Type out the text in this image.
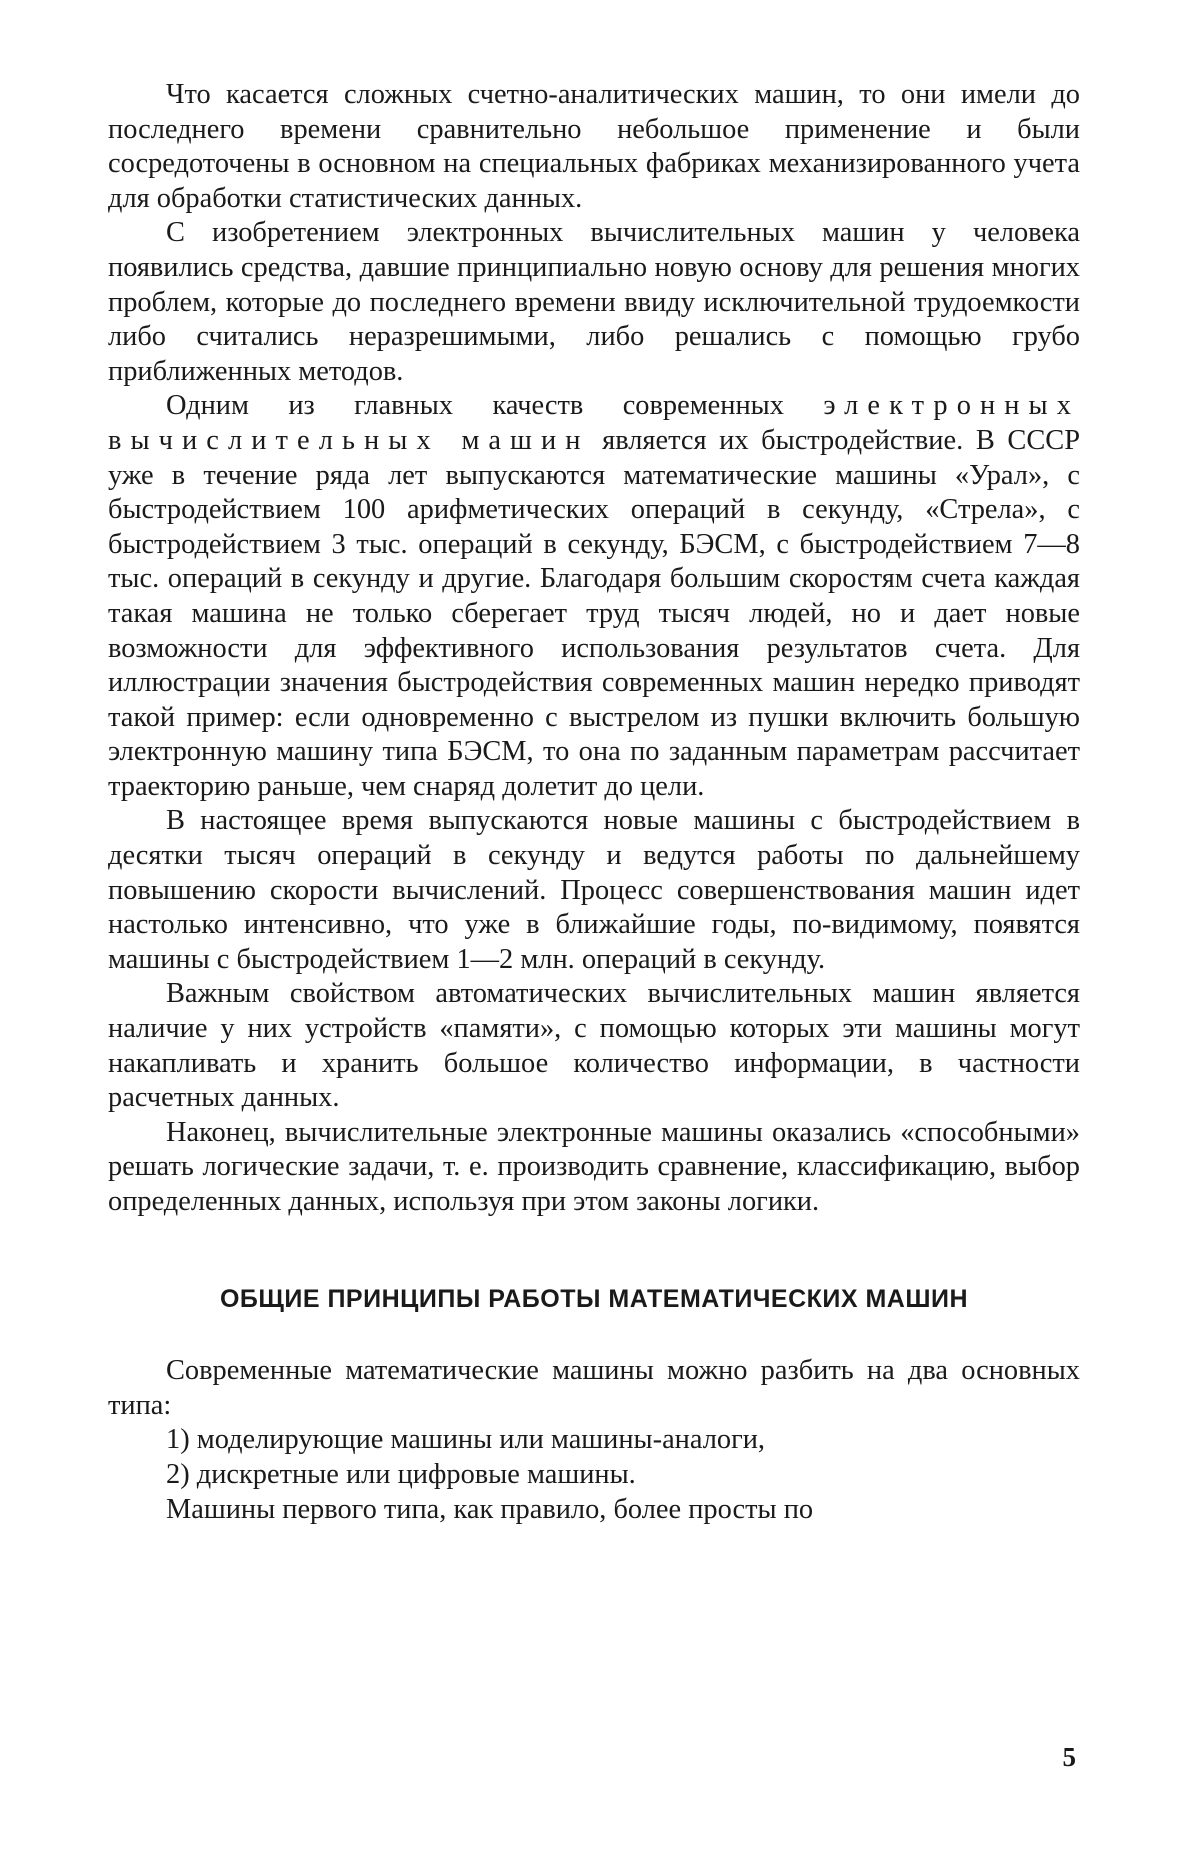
Что касается сложных счетно-аналитических машин, то они имели до последнего времени сравнительно небольшое применение и были сосредоточены в основном на специальных фабриках механизированного учета для обработки статистических данных.

С изобретением электронных вычислительных машин у человека появились средства, давшие принципиально новую основу для решения многих проблем, которые до последнего времени ввиду исключительной трудоемкости либо считались неразрешимыми, либо решались с помощью грубо приближенных методов.

Одним из главных качеств современных электронных вычислительных машин является их быстродействие. В СССР уже в течение ряда лет выпускаются математические машины «Урал», с быстродействием 100 арифметических операций в секунду, «Стрела», с быстродействием 3 тыс. операций в секунду, БЭСМ, с быстродействием 7—8 тыс. операций в секунду и другие. Благодаря большим скоростям счета каждая такая машина не только сберегает труд тысяч людей, но и дает новые возможности для эффективного использования результатов счета. Для иллюстрации значения быстродействия современных машин нередко приводят такой пример: если одновременно с выстрелом из пушки включить большую электронную машину типа БЭСМ, то она по заданным параметрам рассчитает траекторию раньше, чем снаряд долетит до цели.

В настоящее время выпускаются новые машины с быстродействием в десятки тысяч операций в секунду и ведутся работы по дальнейшему повышению скорости вычислений. Процесс совершенствования машин идет настолько интенсивно, что уже в ближайшие годы, по-видимому, появятся машины с быстродействием 1—2 млн. операций в секунду.

Важным свойством автоматических вычислительных машин является наличие у них устройств «памяти», с помощью которых эти машины могут накапливать и хранить большое количество информации, в частности расчетных данных.

Наконец, вычислительные электронные машины оказались «способными» решать логические задачи, т. е. производить сравнение, классификацию, выбор определенных данных, используя при этом законы логики.

ОБЩИЕ ПРИНЦИПЫ РАБОТЫ МАТЕМАТИЧЕСКИХ МАШИН

Современные математические машины можно разбить на два основных типа:

1) моделирующие машины или машины-аналоги,
2) дискретные или цифровые машины.

Машины первого типа, как правило, более просты по

5
